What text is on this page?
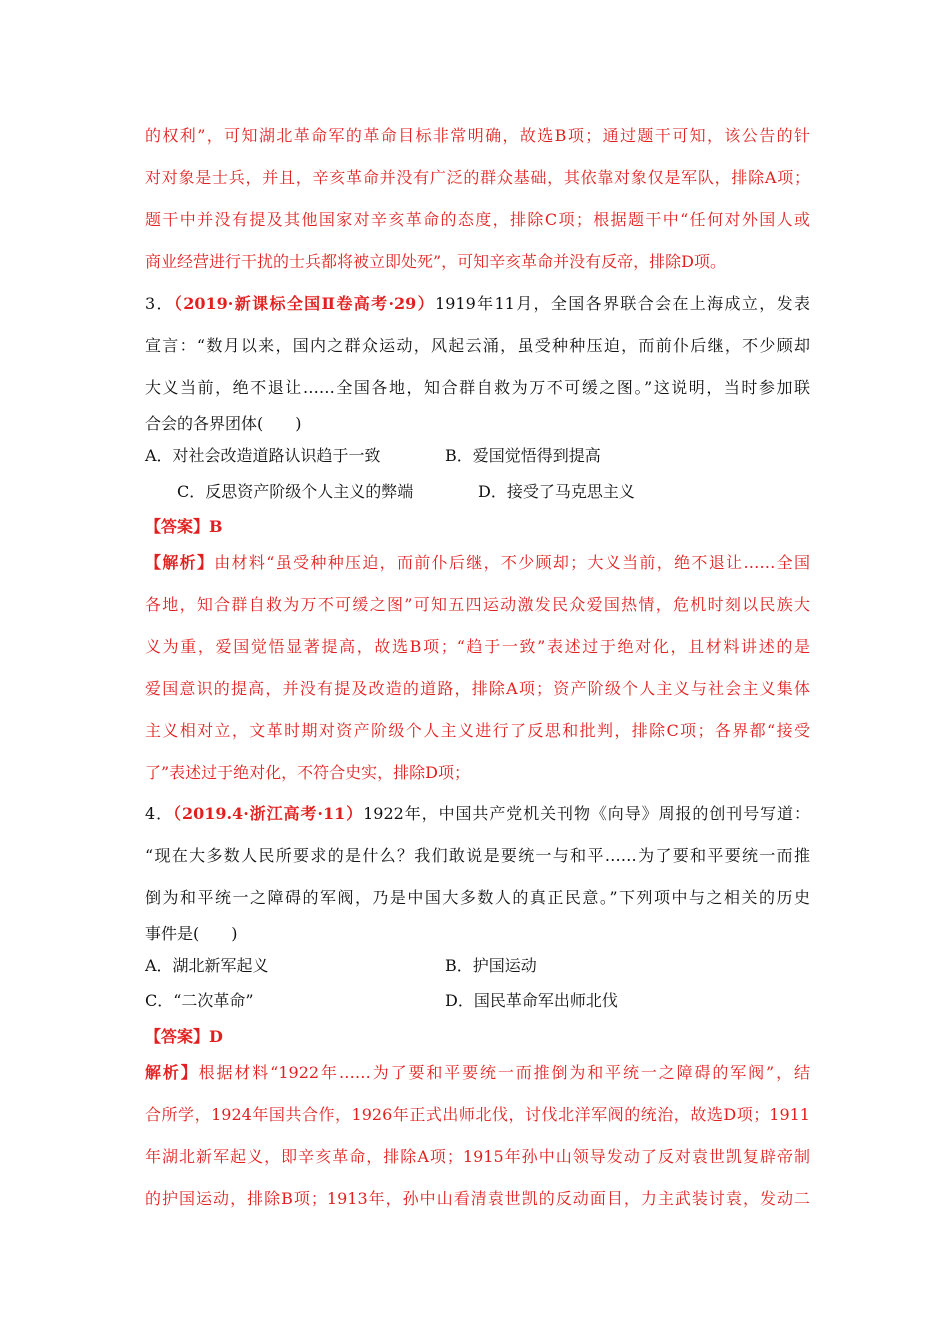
的权利”，可知湖北革命军的革命目标非常明确，故选B项；通过题干可知，该公告的针
对对象是士兵，并且，辛亥革命并没有广泛的群众基础，其依靠对象仅是军队，排除A项；
题干中并没有提及其他国家对辛亥革命的态度，排除C项；根据题干中“任何对外国人或
商业经营进行干扰的士兵都将被立即处死”，可知辛亥革命并没有反帝，排除D项。
3．（2019·新课标全国Ⅱ卷高考·29）1919年11月，全国各界联合会在上海成立，发表
宣言：“数月以来，国内之群众运动，风起云涌，虽受种种压迫，而前仆后继，不少顾却
大义当前，绝不退让……全国各地，知合群自救为万不可缓之图。”这说明，当时参加联
合会的各界团体(　　)
A．对社会改造道路认识趋于一致	B．爱国觉悟得到提高
C．反思资产阶级个人主义的弊端	D．接受了马克思主义
【答案】B
【解析】由材料“虽受种种压迫，而前仆后继，不少顾却；大义当前，绝不退让……全国
各地，知合群自救为万不可缓之图”可知五四运动激发民众爱国热情，危机时刻以民族大
义为重，爱国觉悟显著提高，故选B项；“趋于一致”表述过于绝对化，且材料讲述的是
爱国意识的提高，并没有提及改造的道路，排除A项；资产阶级个人主义与社会主义集体
主义相对立，文革时期对资产阶级个人主义进行了反思和批判，排除C项；各界都“接受
了”表述过于绝对化，不符合史实，排除D项；
4．（2019.4·浙江高考·11）1922年，中国共产党机关刊物《向导》周报的创刊号写道：
“现在大多数人民所要求的是什么？我们敢说是要统一与和平……为了要和平要统一而推
倒为和平统一之障碍的军阀，乃是中国大多数人的真正民意。”下列项中与之相关的历史
事件是(　　)
A．湖北新军起义	B．护国运动
C．“二次革命”	D．国民革命军出师北伐
【答案】D
解析】根据材料“1922年……为了要和平要统一而推倒为和平统一之障碍的军阀”，结
合所学，1924年国共合作，1926年正式出师北伐，讨伐北洋军阀的统治，故选D项；1911
年湖北新军起义，即辛亥革命，排除A项；1915年孙中山领导发动了反对袁世凯复辟帝制
的护国运动，排除B项；1913年，孙中山看清袁世凯的反动面目，力主武装讨袁，发动二
